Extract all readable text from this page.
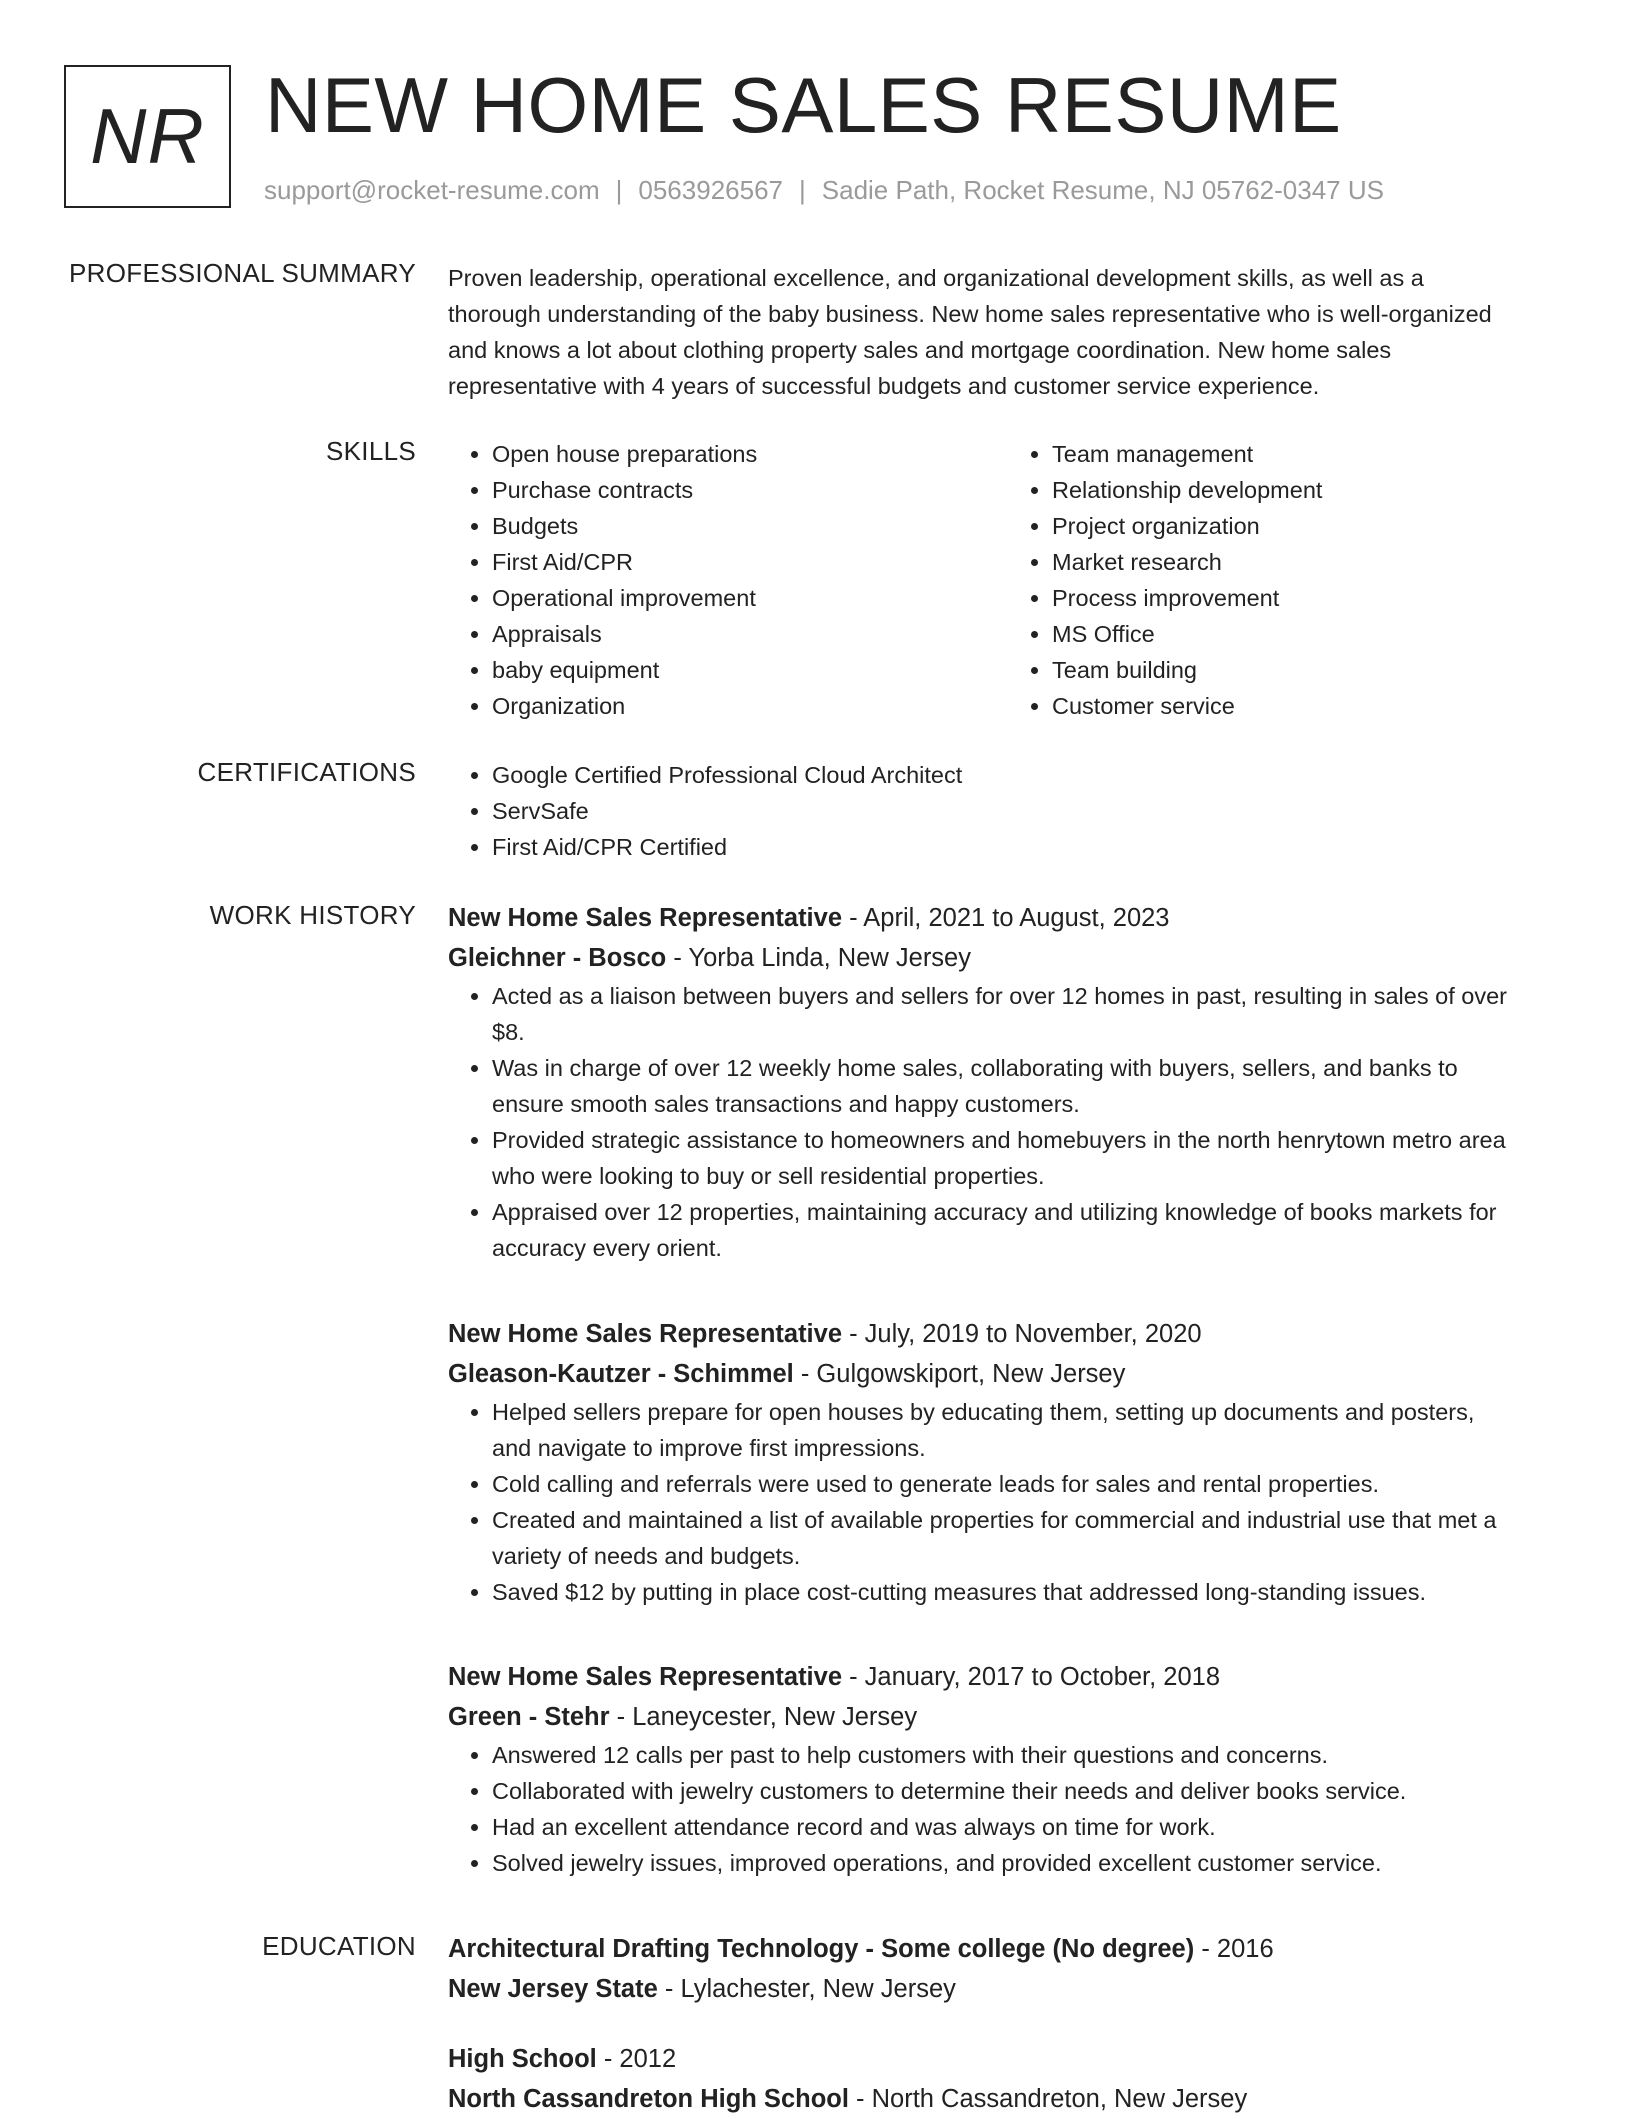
NR NEW HOME SALES RESUME
support@rocket-resume.com | 0563926567 | Sadie Path, Rocket Resume, NJ 05762-0347 US
PROFESSIONAL SUMMARY Proven leadership, operational excellence, and organizational development skills, as well as a
thorough understanding of the baby business. New home sales representative who is well-organized
and knows a lot about clothing property sales and mortgage coordination. New home sales
representative with 4 years of successful budgets and customer service experience.

SKILLS	• Open house preparations
• Purchase contracts
• Budgets
• First Aid/CPR
• Operational improvement
• Appraisals
• baby equipment
• Organization
• Team management
• Relationship development
• Project organization
• Market research
• Process improvement
• MS Office
• Team building
• Customer service
CERTIFICATIONS	• Google Certified Professional Cloud Architect
• ServSafe
• First Aid/CPR Certified
WORK HISTORY New Home Sales Representative - April, 2021 to August, 2023
Gleichner - Bosco - Yorba Linda, New Jersey
• Acted as a liaison between buyers and sellers for over 12 homes in past, resulting in sales of over
$8.
• Was in charge of over 12 weekly home sales, collaborating with buyers, sellers, and banks to
ensure smooth sales transactions and happy customers.
• Provided strategic assistance to homeowners and homebuyers in the north henrytown metro area
who were looking to buy or sell residential properties.
• Appraised over 12 properties, maintaining accuracy and utilizing knowledge of books markets for
accuracy every orient.
New Home Sales Representative - July, 2019 to November, 2020
Gleason-Kautzer - Schimmel - Gulgowskiport, New Jersey
• Helped sellers prepare for open houses by educating them, setting up documents and posters,
and navigate to improve first impressions.
• Cold calling and referrals were used to generate leads for sales and rental properties.
• Created and maintained a list of available properties for commercial and industrial use that met a
variety of needs and budgets.
• Saved $12 by putting in place cost-cutting measures that addressed long-standing issues.
New Home Sales Representative - January, 2017 to October, 2018
Green - Stehr - Laneycester, New Jersey
• Answered 12 calls per past to help customers with their questions and concerns.
• Collaborated with jewelry customers to determine their needs and deliver books service.
• Had an excellent attendance record and was always on time for work.
• Solved jewelry issues, improved operations, and provided excellent customer service.
EDUCATION Architectural Drafting Technology - Some college (No degree) - 2016
New Jersey State - Lylachester, New Jersey
High School - 2012
North Cassandreton High School - North Cassandreton, New Jersey
